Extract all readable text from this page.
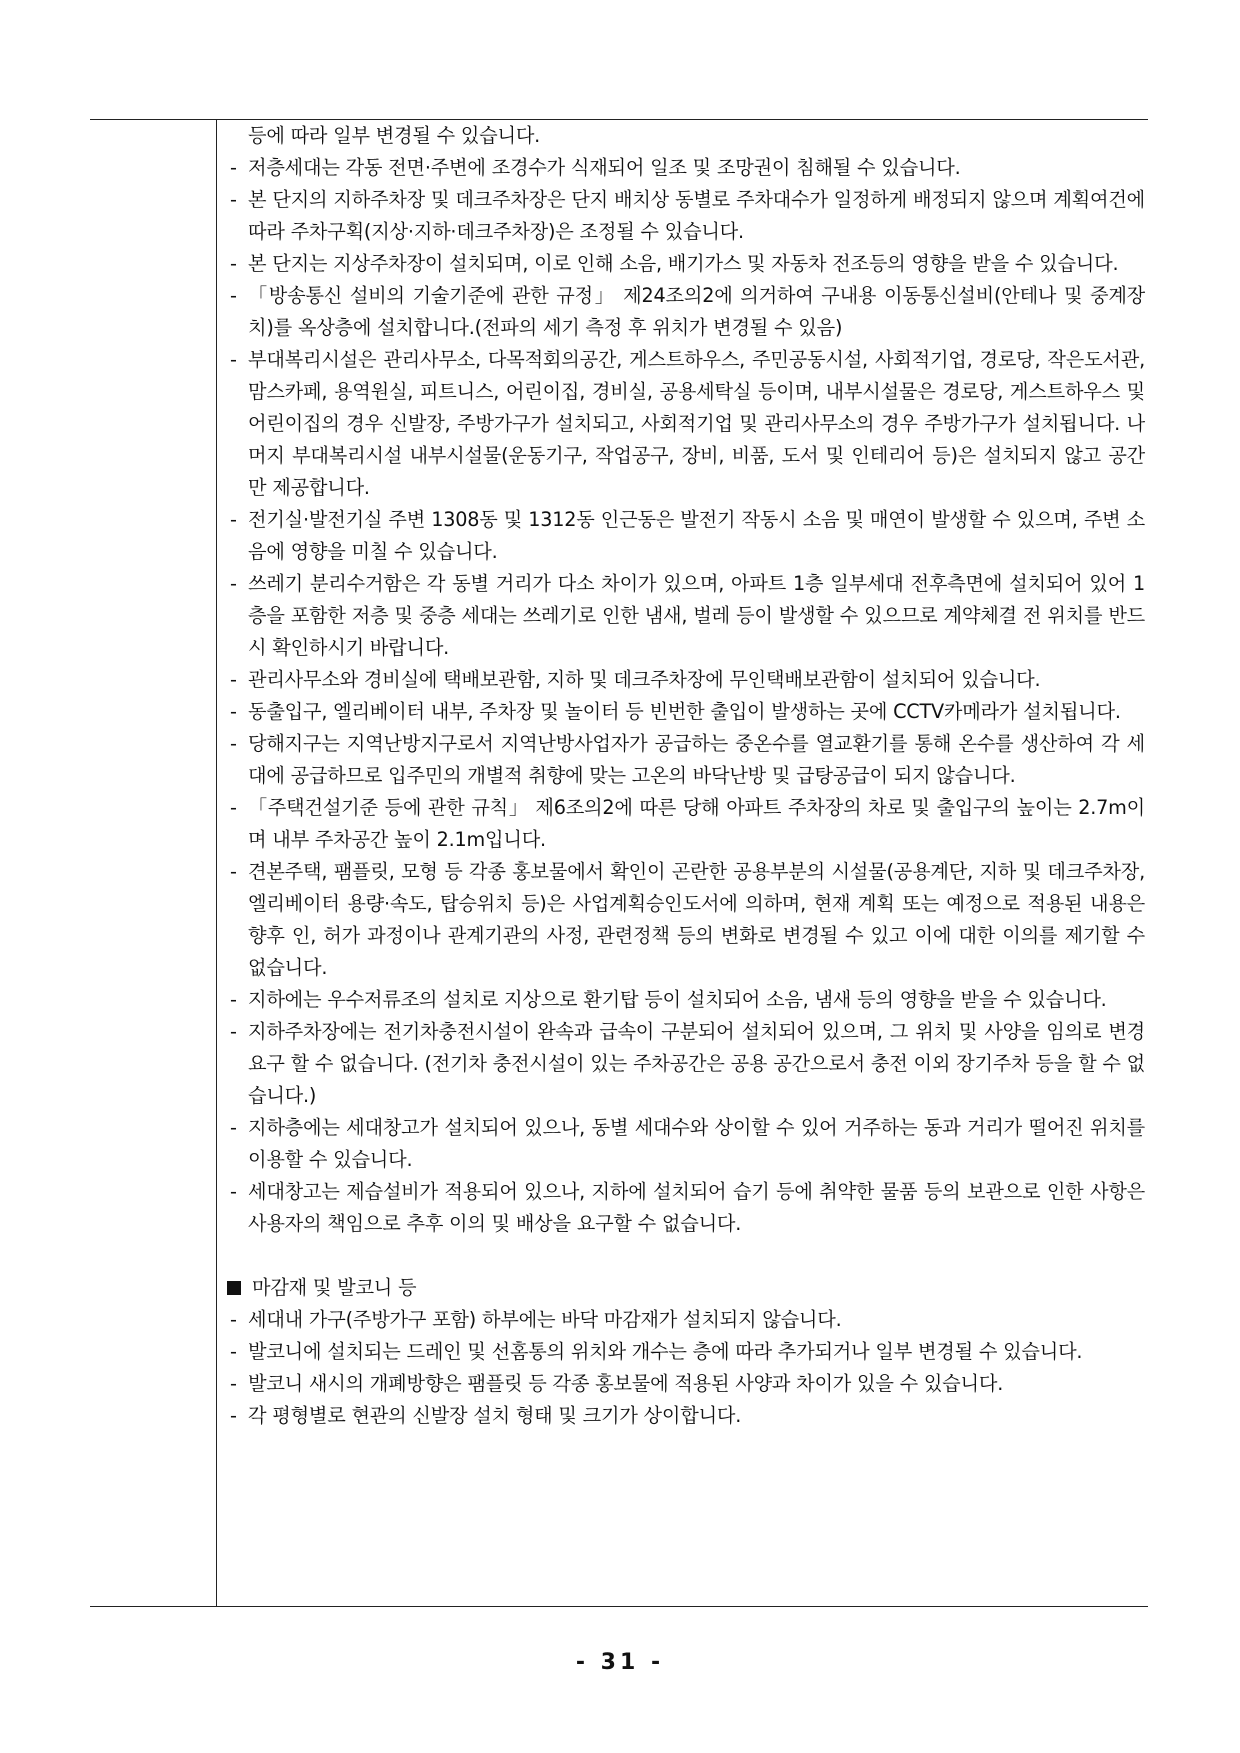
등에 따라 일부 변경될 수 있습니다.
- 저층세대는 각동 전면·주변에 조경수가 식재되어 일조 및 조망권이 침해될 수 있습니다.
- 본 단지의 지하주차장 및 데크주차장은 단지 배치상 동별로 주차대수가 일정하게 배정되지 않으며 계획여건에 따라 주차구획(지상·지하·데크주차장)은 조정될 수 있습니다.
- 본 단지는 지상주차장이 설치되며, 이로 인해 소음, 배기가스 및 자동차 전조등의 영향을 받을 수 있습니다.
- 「방송통신 설비의 기술기준에 관한 규정」 제24조의2에 의거하여 구내용 이동통신설비(안테나 및 중계장치)를 옥상층에 설치합니다.(전파의 세기 측정 후 위치가 변경될 수 있음)
- 부대복리시설은 관리사무소, 다목적회의공간, 게스트하우스, 주민공동시설, 사회적기업, 경로당, 작은도서관, 맘스카페, 용역원실, 피트니스, 어린이집, 경비실, 공용세탁실 등이며, 내부시설물은 경로당, 게스트하우스 및 어린이집의 경우 신발장, 주방가구가 설치되고, 사회적기업 및 관리사무소의 경우 주방가구가 설치됩니다. 나머지 부대복리시설 내부시설물(운동기구, 작업공구, 장비, 비품, 도서 및 인테리어 등)은 설치되지 않고 공간만 제공합니다.
- 전기실·발전기실 주변 1308동 및 1312동 인근동은 발전기 작동시 소음 및 매연이 발생할 수 있으며, 주변 소음에 영향을 미칠 수 있습니다.
- 쓰레기 분리수거함은 각 동별 거리가 다소 차이가 있으며, 아파트 1층 일부세대 전후측면에 설치되어 있어 1층을 포함한 저층 및 중층 세대는 쓰레기로 인한 냄새, 벌레 등이 발생할 수 있으므로 계약체결 전 위치를 반드시 확인하시기 바랍니다.
- 관리사무소와 경비실에 택배보관함, 지하 및 데크주차장에 무인택배보관함이 설치되어 있습니다.
- 동출입구, 엘리베이터 내부, 주차장 및 놀이터 등 빈번한 출입이 발생하는 곳에 CCTV카메라가 설치됩니다.
- 당해지구는 지역난방지구로서 지역난방사업자가 공급하는 중온수를 열교환기를 통해 온수를 생산하여 각 세대에 공급하므로 입주민의 개별적 취향에 맞는 고온의 바닥난방 및 급탕공급이 되지 않습니다.
- 「주택건설기준 등에 관한 규칙」 제6조의2에 따른 당해 아파트 주차장의 차로 및 출입구의 높이는 2.7m이며 내부 주차공간 높이 2.1m입니다.
- 견본주택, 팸플릿, 모형 등 각종 홍보물에서 확인이 곤란한 공용부분의 시설물(공용계단, 지하 및 데크주차장, 엘리베이터 용량·속도, 탑승위치 등)은 사업계획승인도서에 의하며, 현재 계획 또는 예정으로 적용된 내용은 향후 인, 허가 과정이나 관계기관의 사정, 관련정책 등의 변화로 변경될 수 있고 이에 대한 이의를 제기할 수 없습니다.
- 지하에는 우수저류조의 설치로 지상으로 환기탑 등이 설치되어 소음, 냄새 등의 영향을 받을 수 있습니다.
- 지하주차장에는 전기차충전시설이 완속과 급속이 구분되어 설치되어 있으며, 그 위치 및 사양을 임의로 변경요구 할 수 없습니다. (전기차 충전시설이 있는 주차공간은 공용 공간으로서 충전 이외 장기주차 등을 할 수 없습니다.)
- 지하층에는 세대창고가 설치되어 있으나, 동별 세대수와 상이할 수 있어 거주하는 동과 거리가 떨어진 위치를 이용할 수 있습니다.
- 세대창고는 제습설비가 적용되어 있으나, 지하에 설치되어 습기 등에 취약한 물품 등의 보관으로 인한 사항은 사용자의 책임으로 추후 이의 및 배상을 요구할 수 없습니다.
마감재 및 발코니 등
- 세대내 가구(주방가구 포함) 하부에는 바닥 마감재가 설치되지 않습니다.
- 발코니에 설치되는 드레인 및 선홈통의 위치와 개수는 층에 따라 추가되거나 일부 변경될 수 있습니다.
- 발코니 새시의 개폐방향은 팸플릿 등 각종 홍보물에 적용된 사양과 차이가 있을 수 있습니다.
- 각 평형별로 현관의 신발장 설치 형태 및 크기가 상이합니다.
- 31 -
